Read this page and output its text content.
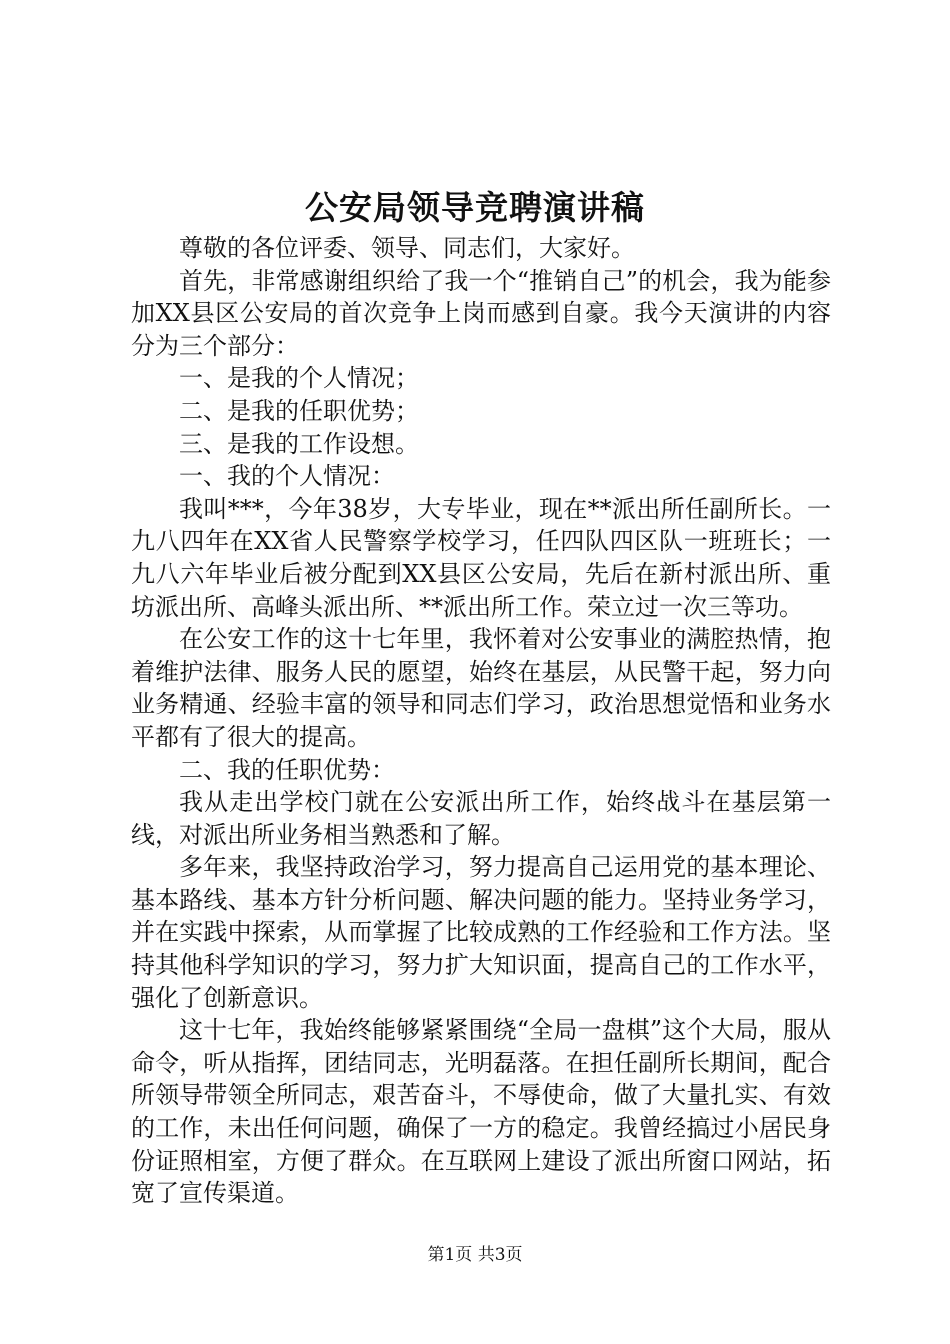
公安局领导竞聘演讲稿

尊敬的各位评委、领导、同志们，大家好。

首先，非常感谢组织给了我一个“推销自己”的机会，我为能参加XX县区公安局的首次竞争上岗而感到自豪。我今天演讲的内容分为三个部分：

一、是我的个人情况；

二、是我的任职优势；

三、是我的工作设想。

一、我的个人情况：

我叫***，今年38岁，大专毕业，现在**派出所任副所长。一九八四年在XX省人民警察学校学习，任四队四区队一班班长；一九八六年毕业后被分配到XX县区公安局，先后在新村派出所、重坊派出所、高峰头派出所、**派出所工作。荣立过一次三等功。

在公安工作的这十七年里，我怀着对公安事业的满腔热情，抱着维护法律、服务人民的愿望，始终在基层，从民警干起，努力向业务精通、经验丰富的领导和同志们学习，政治思想觉悟和业务水平都有了很大的提高。

二、我的任职优势：

我从走出学校门就在公安派出所工作，始终战斗在基层第一线，对派出所业务相当熟悉和了解。

多年来，我坚持政治学习，努力提高自己运用党的基本理论、基本路线、基本方针分析问题、解决问题的能力。坚持业务学习，并在实践中探索，从而掌握了比较成熟的工作经验和工作方法。坚持其他科学知识的学习，努力扩大知识面，提高自己的工作水平，强化了创新意识。

这十七年，我始终能够紧紧围绕“全局一盘棋”这个大局，服从命令，听从指挥，团结同志，光明磊落。在担任副所长期间，配合所领导带领全所同志，艰苦奋斗，不辱使命，做了大量扎实、有效的工作，未出任何问题，确保了一方的稳定。我曾经搞过小居民身份证照相室，方便了群众。在互联网上建设了派出所窗口网站，拓宽了宣传渠道。

第1页 共3页
